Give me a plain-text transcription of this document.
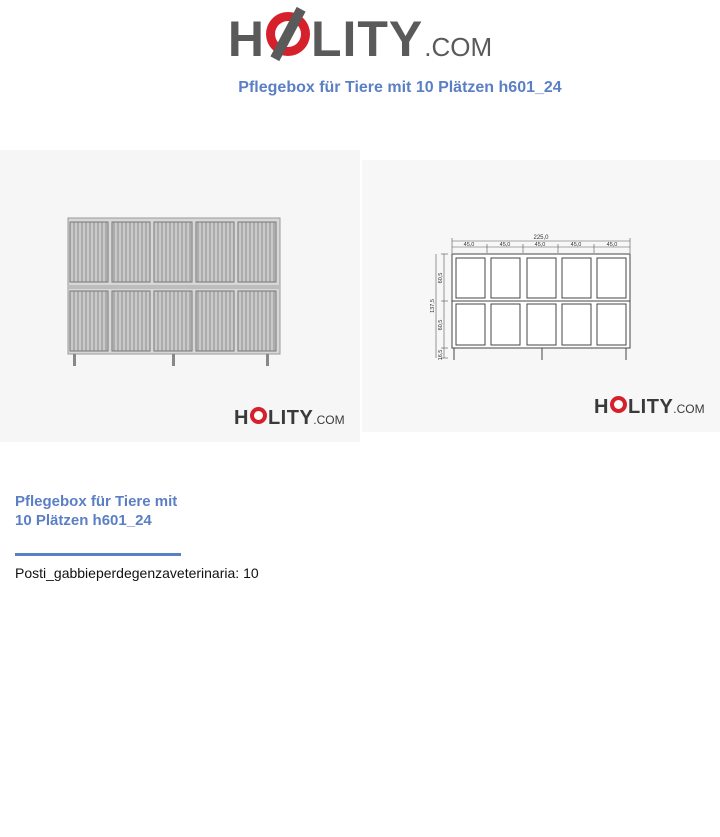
H LITY .COM
Pflegebox für Tiere mit 10 Plätzen h601_24
H LITY .COM
225,0
45,0	45,0	45,0	45,0	45,0
60,5
60,5
137,5
16,5
H LITY .COM
Pflegebox für Tiere mit 10 Plätzen h601_24
Posti_gabbieperdegenzaveterinaria: 10
